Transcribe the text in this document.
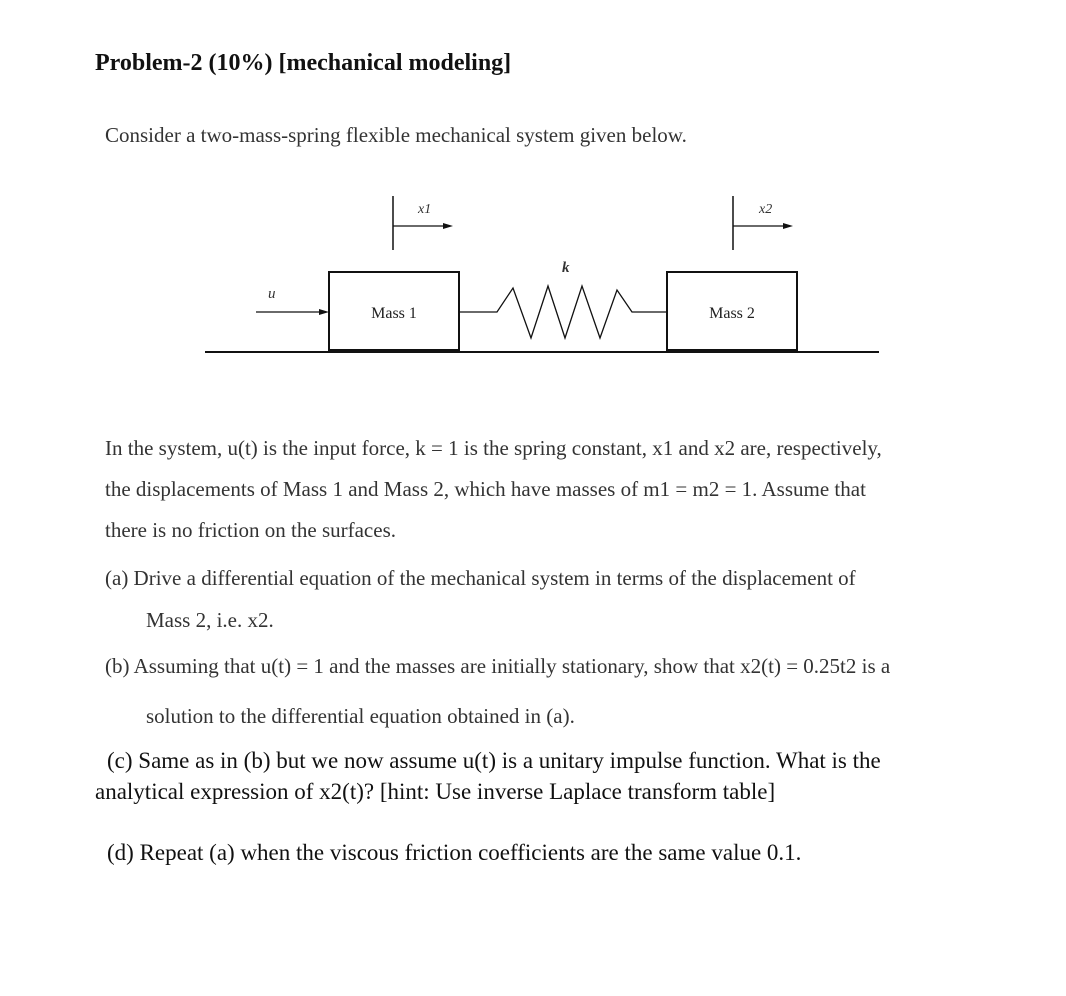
Problem-2 (10%) [mechanical modeling]
Consider a two-mass-spring flexible mechanical system given below.
x1	x2
u
Mass 1
k
Mass 2
In the system, u(t) is the input force, k = 1 is the spring constant, x1 and x2 are, respectively,
the displacements of Mass 1 and Mass 2, which have masses of m1 = m2 = 1. Assume that
there is no friction on the surfaces.
(a) Drive a differential equation of the mechanical system in terms of the displacement of
Mass 2, i.e. x2.
(b) Assuming that u(t) = 1 and the masses are initially stationary, show that x2(t) = 0.25t2 is a
solution to the differential equation obtained in (a).
(c) Same as in (b) but we now assume u(t) is a unitary impulse function. What is the
analytical expression of x2(t)? [hint: Use inverse Laplace transform table]
(d) Repeat (a) when the viscous friction coefficients are the same value 0.1.
